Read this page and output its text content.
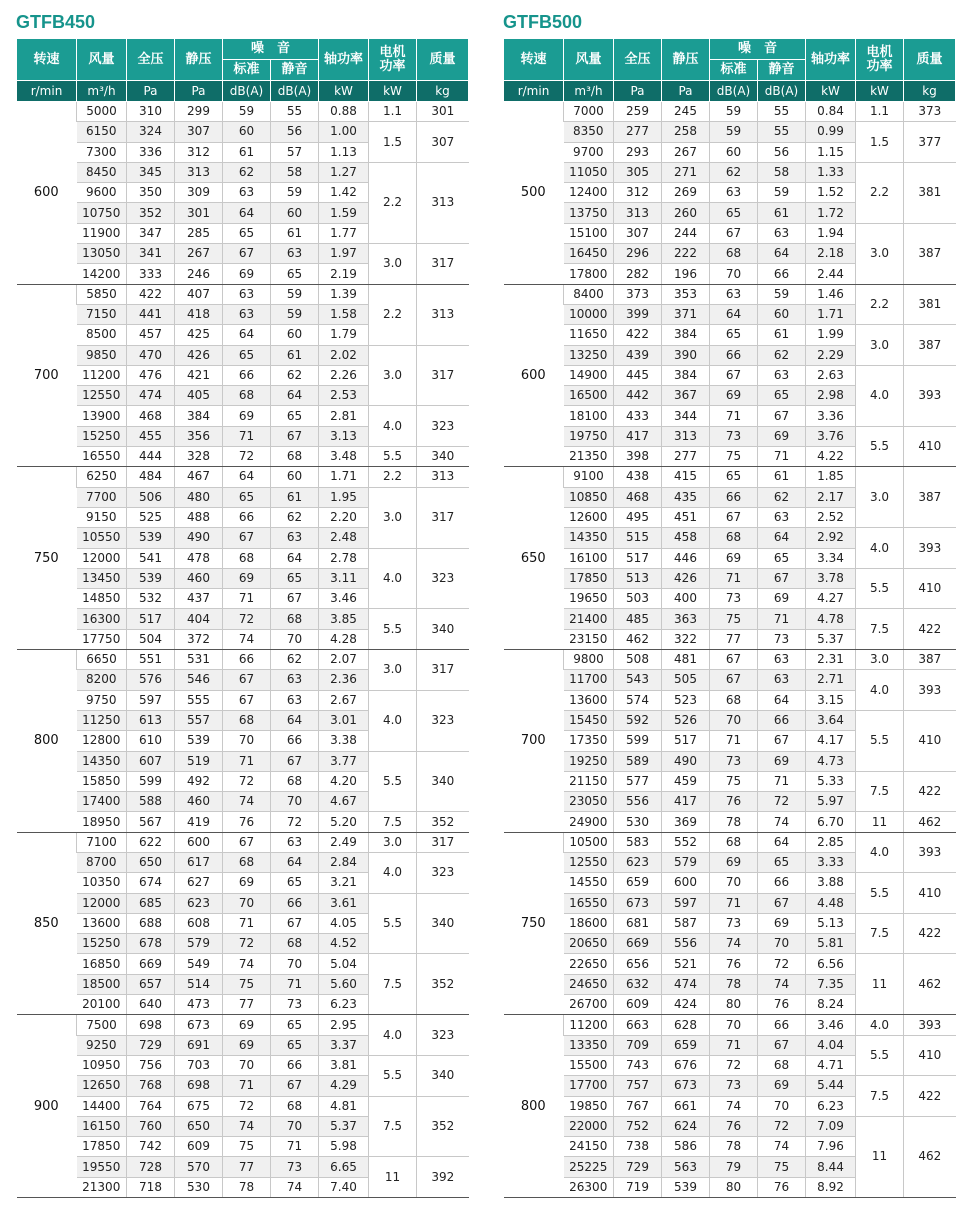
GTFB450
转速	风量	全压	静压	噪　音		轴功率	电机功率	质量
				标准	静音			
r/min	m³/h	Pa	Pa	dB(A)	dB(A)	kW	kW	kg
600	5000	310	299	59	55	0.88	1.1	301
	6150	324	307	60	56	1.00	1.5	307
	7300	336	312	61	57	1.13		
	8450	345	313	62	58	1.27	2.2	313
	9600	350	309	63	59	1.42		
	10750	352	301	64	60	1.59		
	11900	347	285	65	61	1.77		
	13050	341	267	67	63	1.97	3.0	317
	14200	333	246	69	65	2.19		
700	5850	422	407	63	59	1.39	2.2	313
	7150	441	418	63	59	1.58		
	8500	457	425	64	60	1.79		
	9850	470	426	65	61	2.02	3.0	317
	11200	476	421	66	62	2.26		
	12550	474	405	68	64	2.53		
	13900	468	384	69	65	2.81	4.0	323
	15250	455	356	71	67	3.13		
	16550	444	328	72	68	3.48	5.5	340
750	6250	484	467	64	60	1.71	2.2	313
	7700	506	480	65	61	1.95	3.0	317
	9150	525	488	66	62	2.20		
	10550	539	490	67	63	2.48		
	12000	541	478	68	64	2.78	4.0	323
	13450	539	460	69	65	3.11		
	14850	532	437	71	67	3.46		
	16300	517	404	72	68	3.85	5.5	340
	17750	504	372	74	70	4.28		
800	6650	551	531	66	62	2.07	3.0	317
	8200	576	546	67	63	2.36		
	9750	597	555	67	63	2.67	4.0	323
	11250	613	557	68	64	3.01		
	12800	610	539	70	66	3.38		
	14350	607	519	71	67	3.77	5.5	340
	15850	599	492	72	68	4.20		
	17400	588	460	74	70	4.67		
	18950	567	419	76	72	5.20	7.5	352
850	7100	622	600	67	63	2.49	3.0	317
	8700	650	617	68	64	2.84	4.0	323
	10350	674	627	69	65	3.21		
	12000	685	623	70	66	3.61	5.5	340
	13600	688	608	71	67	4.05		
	15250	678	579	72	68	4.52		
	16850	669	549	74	70	5.04	7.5	352
	18500	657	514	75	71	5.60		
	20100	640	473	77	73	6.23		
900	7500	698	673	69	65	2.95	4.0	323
	9250	729	691	69	65	3.37		
	10950	756	703	70	66	3.81	5.5	340
	12650	768	698	71	67	4.29		
	14400	764	675	72	68	4.81	7.5	352
	16150	760	650	74	70	5.37		
	17850	742	609	75	71	5.98		
	19550	728	570	77	73	6.65	11	392
	21300	718	530	78	74	7.40		
GTFB500
转速	风量	全压	静压	噪　音		轴功率	电机功率	质量
				标准	静音			
r/min	m³/h	Pa	Pa	dB(A)	dB(A)	kW	kW	kg
500	7000	259	245	59	55	0.84	1.1	373
	8350	277	258	59	55	0.99	1.5	377
	9700	293	267	60	56	1.15		
	11050	305	271	62	58	1.33	2.2	381
	12400	312	269	63	59	1.52		
	13750	313	260	65	61	1.72		
	15100	307	244	67	63	1.94	3.0	387
	16450	296	222	68	64	2.18		
	17800	282	196	70	66	2.44		
600	8400	373	353	63	59	1.46	2.2	381
	10000	399	371	64	60	1.71		
	11650	422	384	65	61	1.99	3.0	387
	13250	439	390	66	62	2.29		
	14900	445	384	67	63	2.63	4.0	393
	16500	442	367	69	65	2.98		
	18100	433	344	71	67	3.36		
	19750	417	313	73	69	3.76	5.5	410
	21350	398	277	75	71	4.22		
650	9100	438	415	65	61	1.85	3.0	387
	10850	468	435	66	62	2.17		
	12600	495	451	67	63	2.52		
	14350	515	458	68	64	2.92	4.0	393
	16100	517	446	69	65	3.34		
	17850	513	426	71	67	3.78	5.5	410
	19650	503	400	73	69	4.27		
	21400	485	363	75	71	4.78	7.5	422
	23150	462	322	77	73	5.37		
700	9800	508	481	67	63	2.31	3.0	387
	11700	543	505	67	63	2.71	4.0	393
	13600	574	523	68	64	3.15		
	15450	592	526	70	66	3.64	5.5	410
	17350	599	517	71	67	4.17		
	19250	589	490	73	69	4.73		
	21150	577	459	75	71	5.33	7.5	422
	23050	556	417	76	72	5.97		
	24900	530	369	78	74	6.70	11	462
750	10500	583	552	68	64	2.85	4.0	393
	12550	623	579	69	65	3.33		
	14550	659	600	70	66	3.88	5.5	410
	16550	673	597	71	67	4.48		
	18600	681	587	73	69	5.13	7.5	422
	20650	669	556	74	70	5.81		
	22650	656	521	76	72	6.56	11	462
	24650	632	474	78	74	7.35		
	26700	609	424	80	76	8.24		
800	11200	663	628	70	66	3.46	4.0	393
	13350	709	659	71	67	4.04	5.5	410
	15500	743	676	72	68	4.71		
	17700	757	673	73	69	5.44	7.5	422
	19850	767	661	74	70	6.23		
	22000	752	624	76	72	7.09	11	462
	24150	738	586	78	74	7.96		
	25225	729	563	79	75	8.44		
	26300	719	539	80	76	8.92		
